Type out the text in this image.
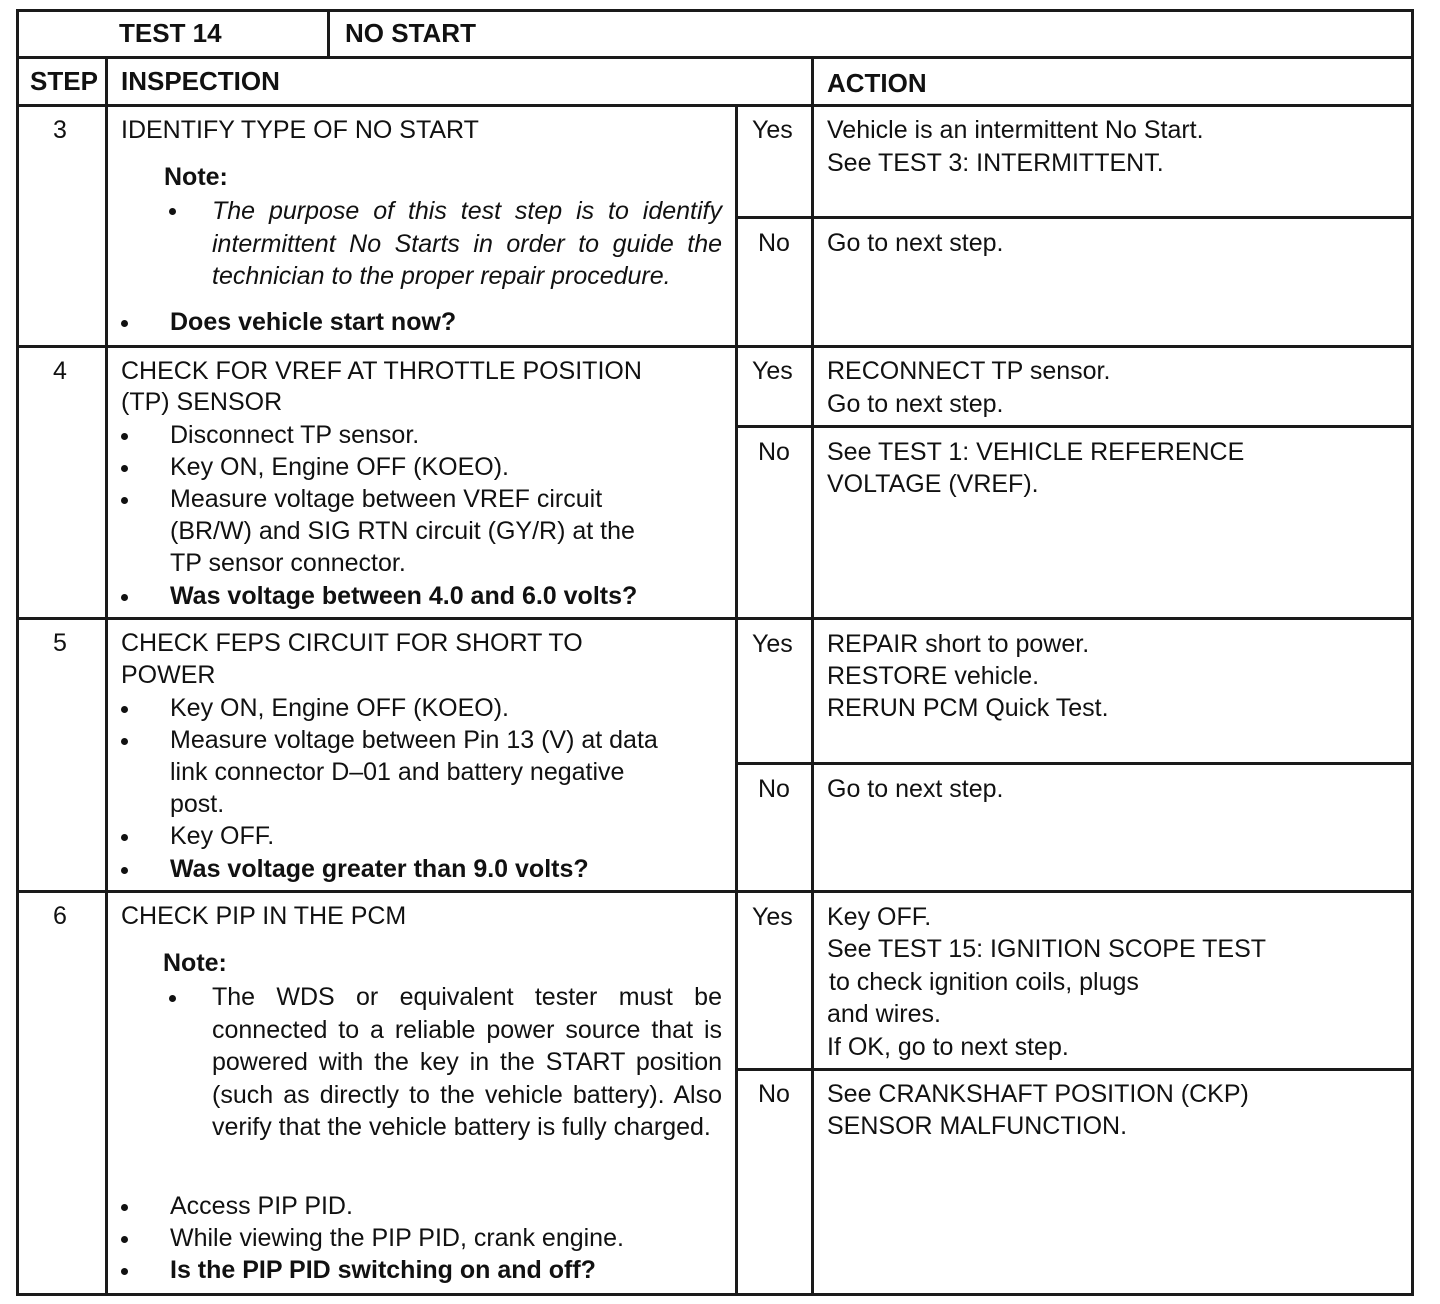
TEST 14	NO START
STEP INSPECTION	ACTION
3 IDENTIFY TYPE OF NO START
Note:
The purpose of this test step is to identify intermittent No Starts in order to guide the technician to the proper repair procedure.
Does vehicle start now?
Yes Vehicle is an intermittent No Start.
See TEST 3: INTERMITTENT.
No Go to next step.
4 CHECK FOR VREF AT THROTTLE POSITION
(TP) SENSOR
Disconnect TP sensor.
Key ON, Engine OFF (KOEO).
Measure voltage between VREF circuit
(BR/W) and SIG RTN circuit (GY/R) at the
TP sensor connector.
Was voltage between 4.0 and 6.0 volts?
Yes RECONNECT TP sensor.
Go to next step.
No See TEST 1: VEHICLE REFERENCE
VOLTAGE (VREF).
5 CHECK FEPS CIRCUIT FOR SHORT TO
POWER
Key ON, Engine OFF (KOEO).
Measure voltage between Pin 13 (V) at data
link connector D–01 and battery negative
post.
Key OFF.
Was voltage greater than 9.0 volts?
Yes REPAIR short to power.
RESTORE vehicle.
RERUN PCM Quick Test.
No Go to next step.
6 CHECK PIP IN THE PCM
Note:
The WDS or equivalent tester must be connected to a reliable power source that is powered with the key in the START position (such as directly to the vehicle battery). Also verify that the vehicle battery is fully charged.
Access PIP PID.
While viewing the PIP PID, crank engine.
Is the PIP PID switching on and off?
Yes Key OFF.
See TEST 15: IGNITION SCOPE TEST
to check ignition coils, plugs
and wires.
If OK, go to next step.
No See CRANKSHAFT POSITION (CKP)
SENSOR MALFUNCTION.
